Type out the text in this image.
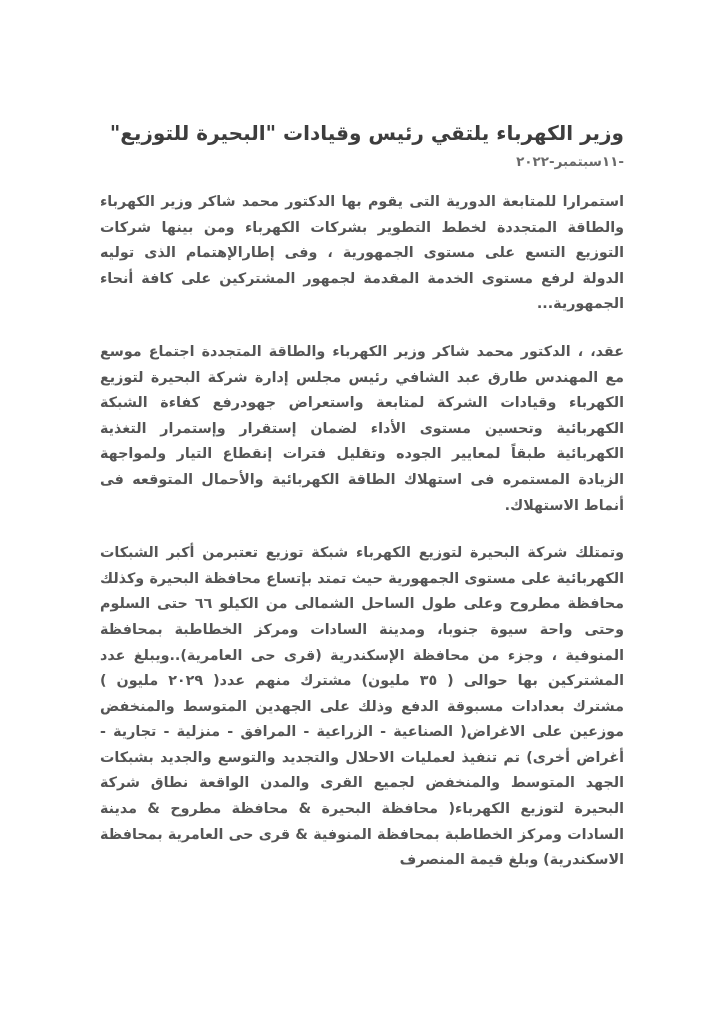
وزير الكهرباء يلتقي رئيس وقيادات "البحيرة للتوزيع"
-١١سبتمبر-٢٠٢٢

استمرارا للمتابعة الدورية التى يقوم بها الدكتور محمد شاكر وزير الكهرباء والطاقة المتجددة لخطط التطوير بشركات الكهرباء ومن بينها شركات التوزيع التسع على مستوى الجمهورية ، وفى إطارالإهتمام الذى توليه الدولة لرفع مستوى الخدمة المقدمة لجمهور المشتركين على كافة أنحاء الجمهورية...

عقد، ، الدكتور محمد شاكر وزير الكهرباء والطاقة المتجددة اجتماع موسع مع المهندس طارق عبد الشافي رئيس مجلس إدارة شركة البحيرة لتوزيع الكهرباء وقيادات الشركة لمتابعة واستعراض جهودرفع كفاءة الشبكة الكهربائية وتحسين مستوى الأداء لضمان إستقرار وإستمرار التغذية الكهربائية طبقاً لمعايير الجوده وتقليل فترات إنقطاع التيار ولمواجهة الزيادة المستمره فى استهلاك الطاقة الكهربائية والأحمال المتوقعه فى أنماط الاستهلاك.

وتمتلك شركة البحيرة لتوزيع الكهرباء شبكة توزيع تعتبرمن أكبر الشبكات الكهربائية على مستوى الجمهورية حيث تمتد بإتساع محافظة البحيرة وكذلك محافظة مطروح وعلى طول الساحل الشمالى من الكيلو ٦٦ حتى السلوم وحتى واحة سيوة جنوبا، ومدينة السادات ومركز الخطاطبة بمحافظة المنوفية ، وجزء من محافظة الإسكندرية (قرى حى العامرية)..ويبلغ عدد المشتركين بها حوالى ( ٣٥ مليون) مشترك منهم عدد( ٢٠٢٩ مليون ) مشترك بعدادات مسبوقة الدفع وذلك على الجهدين المتوسط والمنخفض موزعين على الاغراض( الصناعية - الزراعية - المرافق - منزلية - تجارية - أغراض أخرى) تم تنفيذ لعمليات الاحلال والتجديد والتوسع والجديد بشبكات الجهد المتوسط والمنخفض لجميع القرى والمدن الواقعة نطاق شركة البحيرة لتوزيع الكهرباء( محافظة البحيرة & محافظة مطروح & مدينة السادات ومركز الخطاطبة بمحافظة المنوفية & قرى حى العامرية بمحافظة الاسكندرية) وبلغ قيمة المنصرف
